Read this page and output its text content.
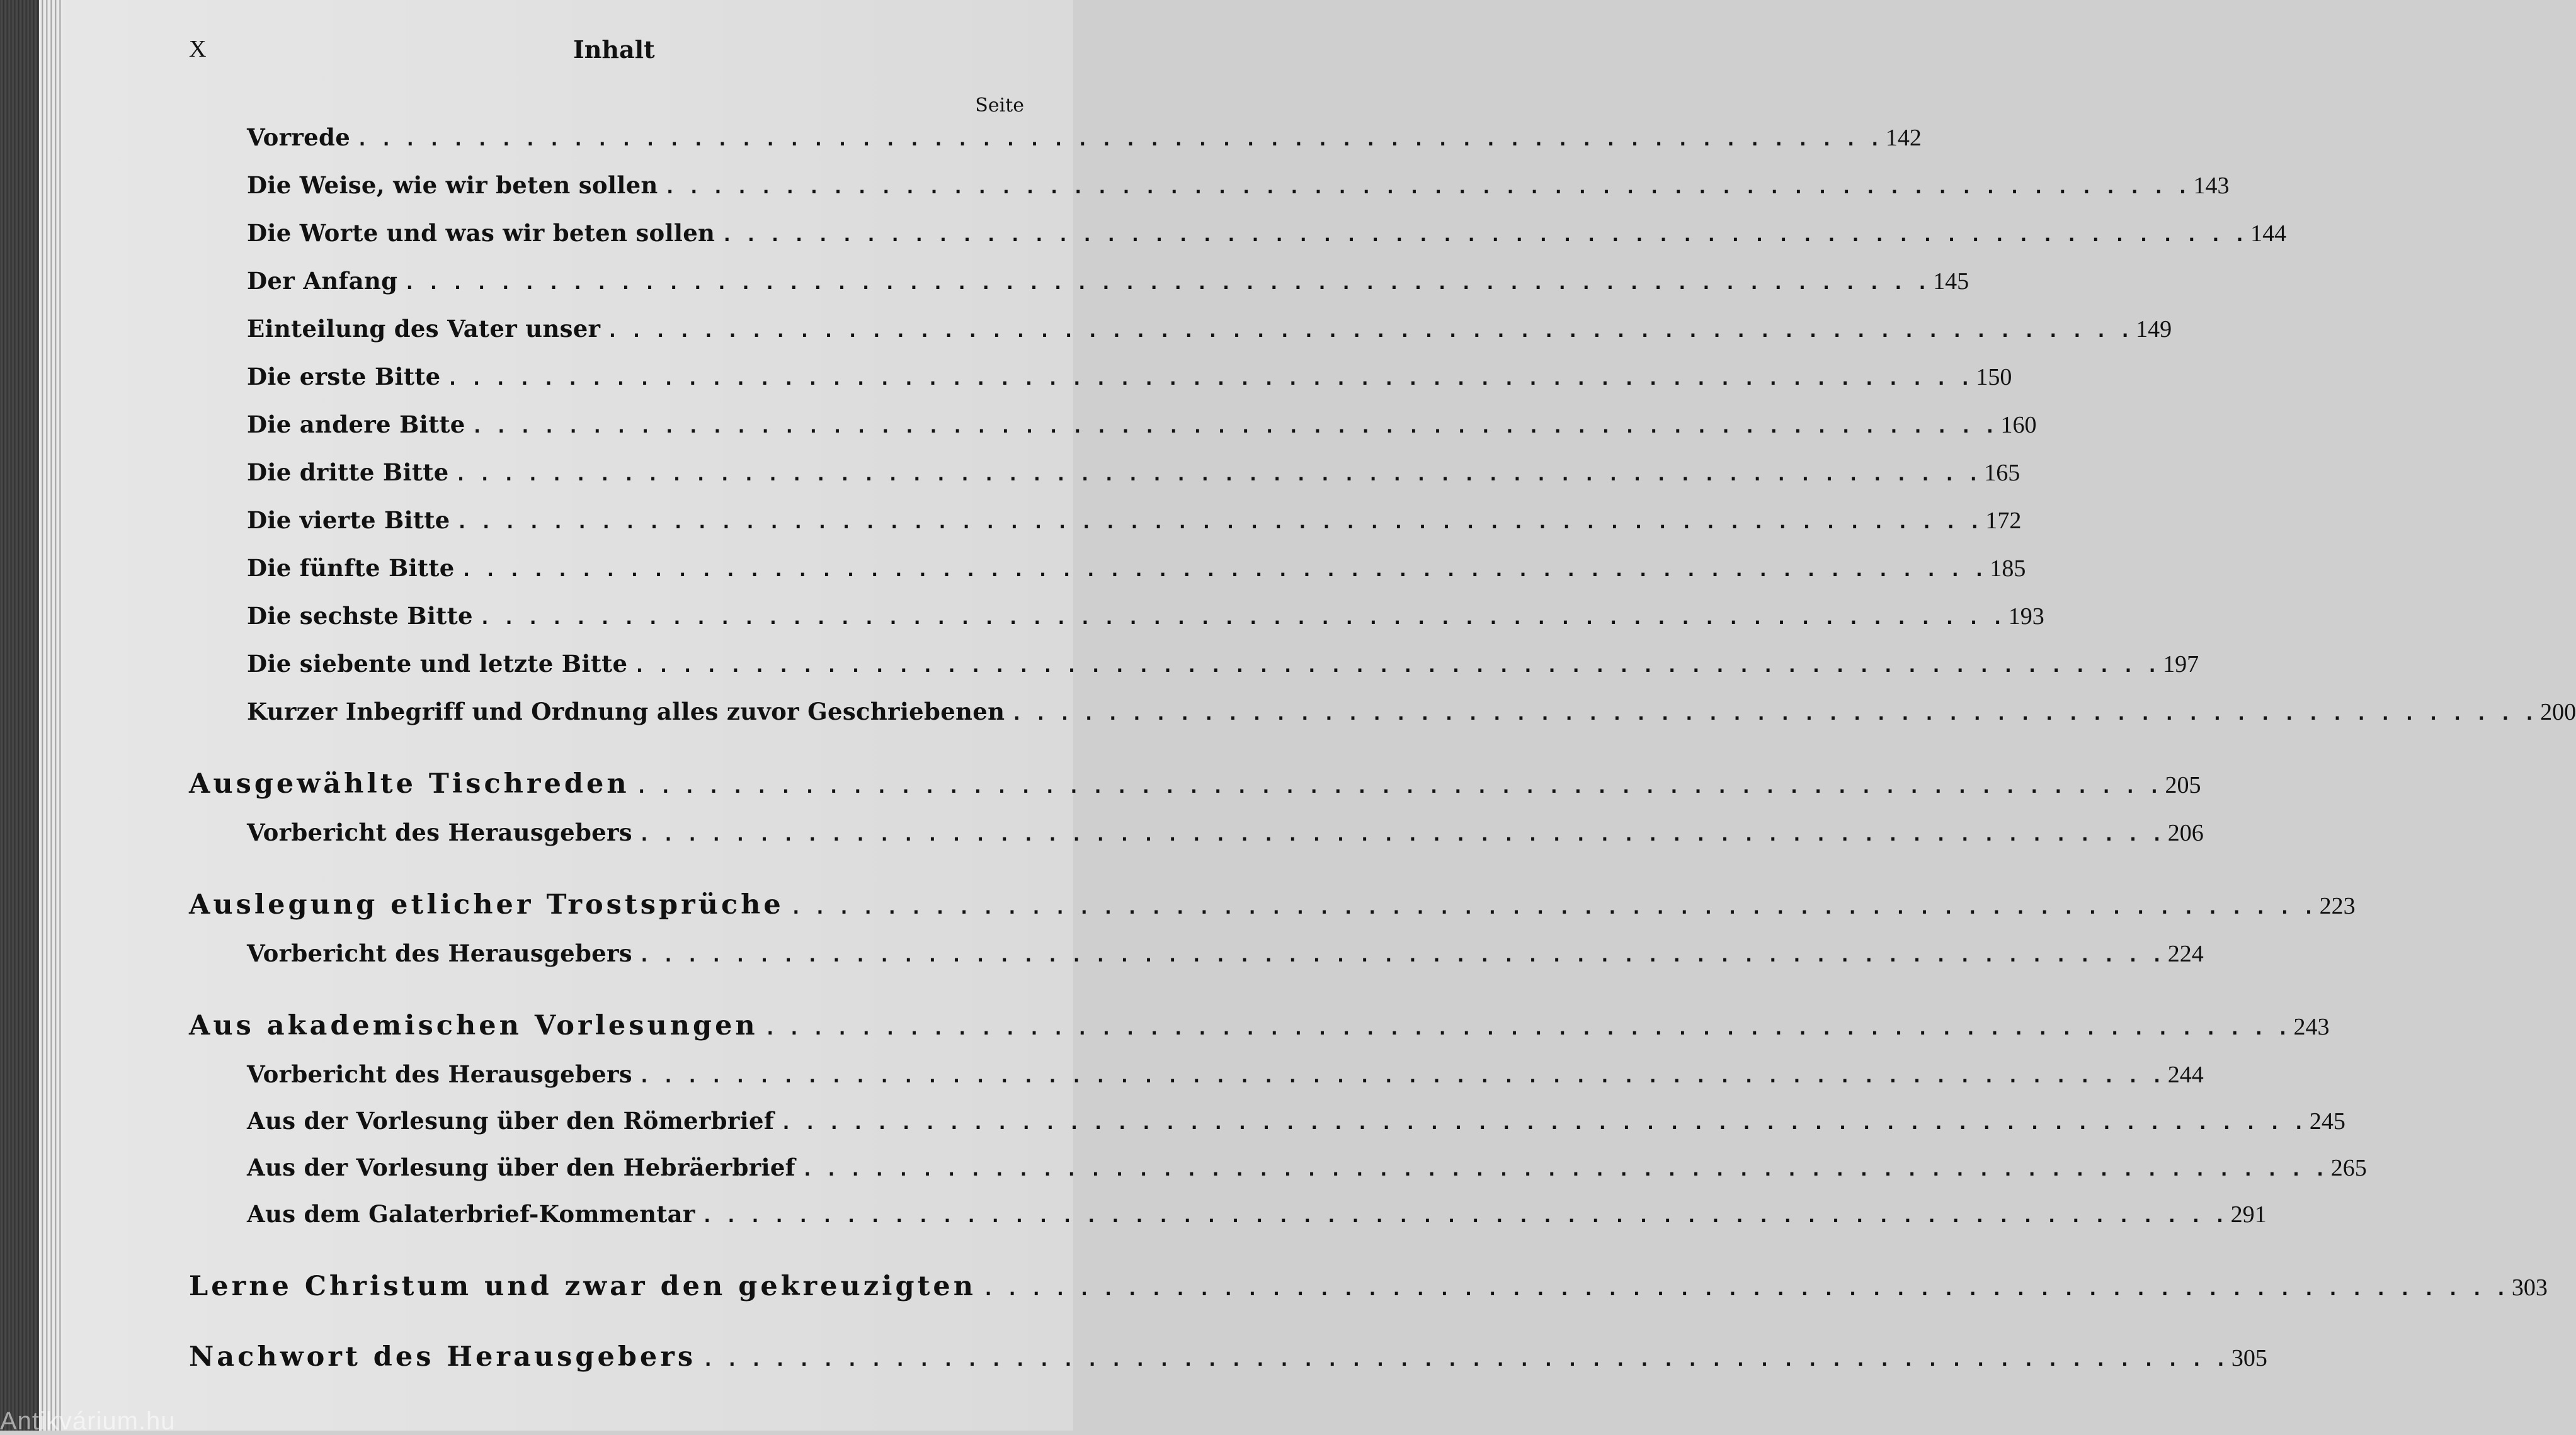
X	Inhalt
Seite
Vorrede . . .	142
Die Weise, wie wir beten sollen . . .	143
Die Worte und was wir beten sollen . . .	144
Der Anfang . . .	145
Einteilung des Vater unser . . .	149
Die erste Bitte . . .	150
Die andere Bitte . . .	160
Die dritte Bitte . . .	165
Die vierte Bitte . . .	172
Die fünfte Bitte . . .	185
Die sechste Bitte . . .	193
Die siebente und letzte Bitte . . .	197
Kurzer Inbegriff und Ordnung alles zuvor Geschriebenen . . .	200
Ausgewählte Tischreden . . .	205
Vorbericht des Herausgebers . . .	206
Auslegung etlicher Trostsprüche . . .	223
Vorbericht des Herausgebers . . .	224
Aus akademischen Vorlesungen . . .	243
Vorbericht des Herausgebers . . .	244
Aus der Vorlesung über den Römerbrief . . .	245
Aus der Vorlesung über den Hebräerbrief . . .	265
Aus dem Galaterbrief-Kommentar . . .	291
Lerne Christum und zwar den gekreuzigten . . .	303
Nachwort des Herausgebers . . .	305
Antikvárium.hu
